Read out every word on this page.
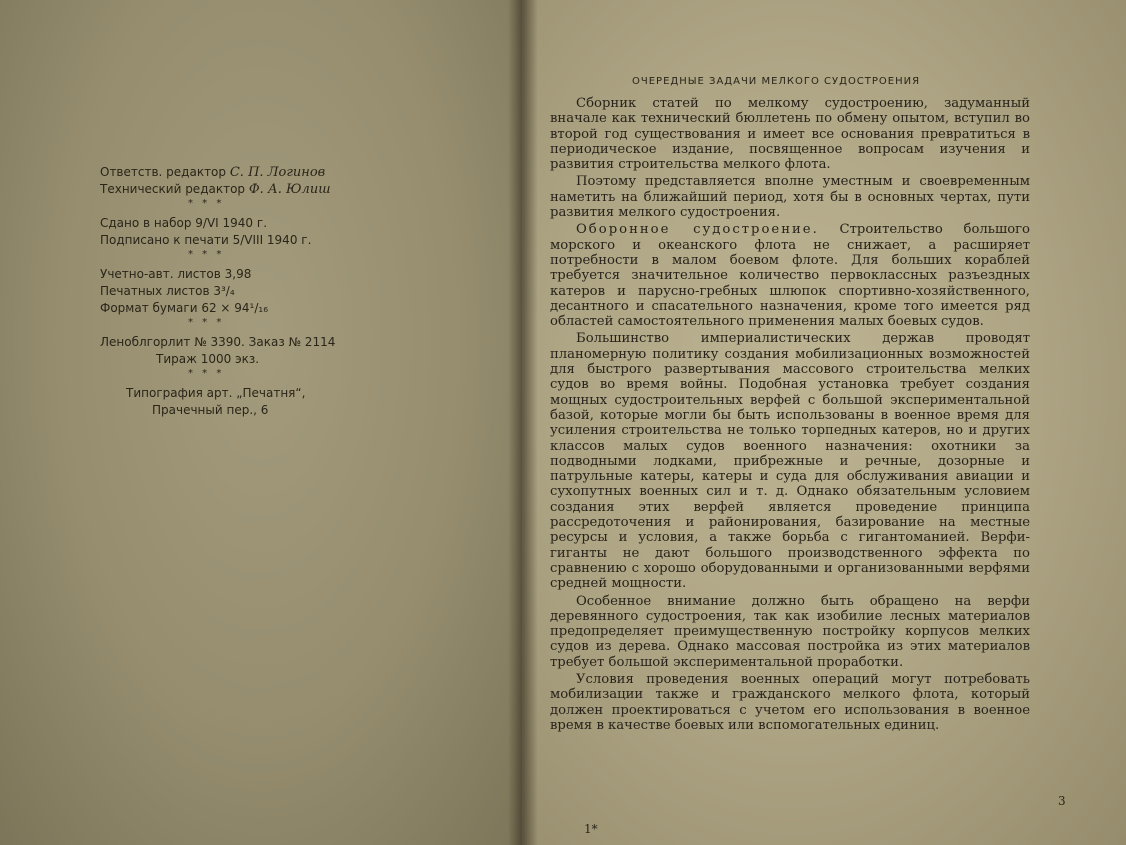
Ответств. редактор С. П. Логинов
Технический редактор Ф. А. Юлиш
* * *
Сдано в набор 9/VI 1940 г.
Подписано к печати 5/VIII 1940 г.
* * *
Учетно-авт. листов 3,98
Печатных листов 3³/₄
Формат бумаги 62 × 94¹/₁₆
* * *
Леноблгорлит № 3390. Заказ № 2114
Тираж 1000 экз.
* * *
Типография арт. „Печатня“,
Прачечный пер., 6
ОЧЕРЕДНЫЕ ЗАДАЧИ МЕЛКОГО СУДОСТРОЕНИЯ

Сборник статей по мелкому судостроению, задуманный вначале как технический бюллетень по обмену опытом, вступил во второй год существования и имеет все основания превратиться в периодическое издание, посвященное вопросам изучения и развития строительства мелкого флота.

Поэтому представляется вполне уместным и своевременным наметить на ближайший период, хотя бы в основных чертах, пути развития мелкого судостроения.

Оборонное судостроение. Строительство большого морского и океанского флота не снижает, а расширяет потребности в малом боевом флоте. Для больших кораблей требуется значительное количество первоклассных разъездных катеров и парусно-гребных шлюпок спортивно-хозяйственного, десантного и спасательного назначения, кроме того имеется ряд областей самостоятельного применения малых боевых судов.

Большинство империалистических держав проводят планомерную политику создания мобилизационных возможностей для быстрого развертывания массового строительства мелких судов во время войны. Подобная установка требует создания мощных судостроительных верфей с большой экспериментальной базой, которые могли бы быть использованы в военное время для усиления строительства не только торпедных катеров, но и других классов малых судов военного назначения: охотники за подводными лодками, прибрежные и речные, дозорные и патрульные катеры, катеры и суда для обслуживания авиации и сухопутных военных сил и т. д. Однако обязательным условием создания этих верфей является проведение принципа рассредоточения и районирования, базирование на местные ресурсы и условия, а также борьба с гигантоманией. Верфи-гиганты не дают большого производственного эффекта по сравнению с хорошо оборудованными и организованными верфями средней мощности.

Особенное внимание должно быть обращено на верфи деревянного судостроения, так как изобилие лесных материалов предопределяет преимущественную постройку корпусов мелких судов из дерева. Однако массовая постройка из этих материалов требует большой экспериментальной проработки.

Условия проведения военных операций могут потребовать мобилизации также и гражданского мелкого флота, который должен проектироваться с учетом его использования в военное время в качестве боевых или вспомогательных единиц.

3
1*
